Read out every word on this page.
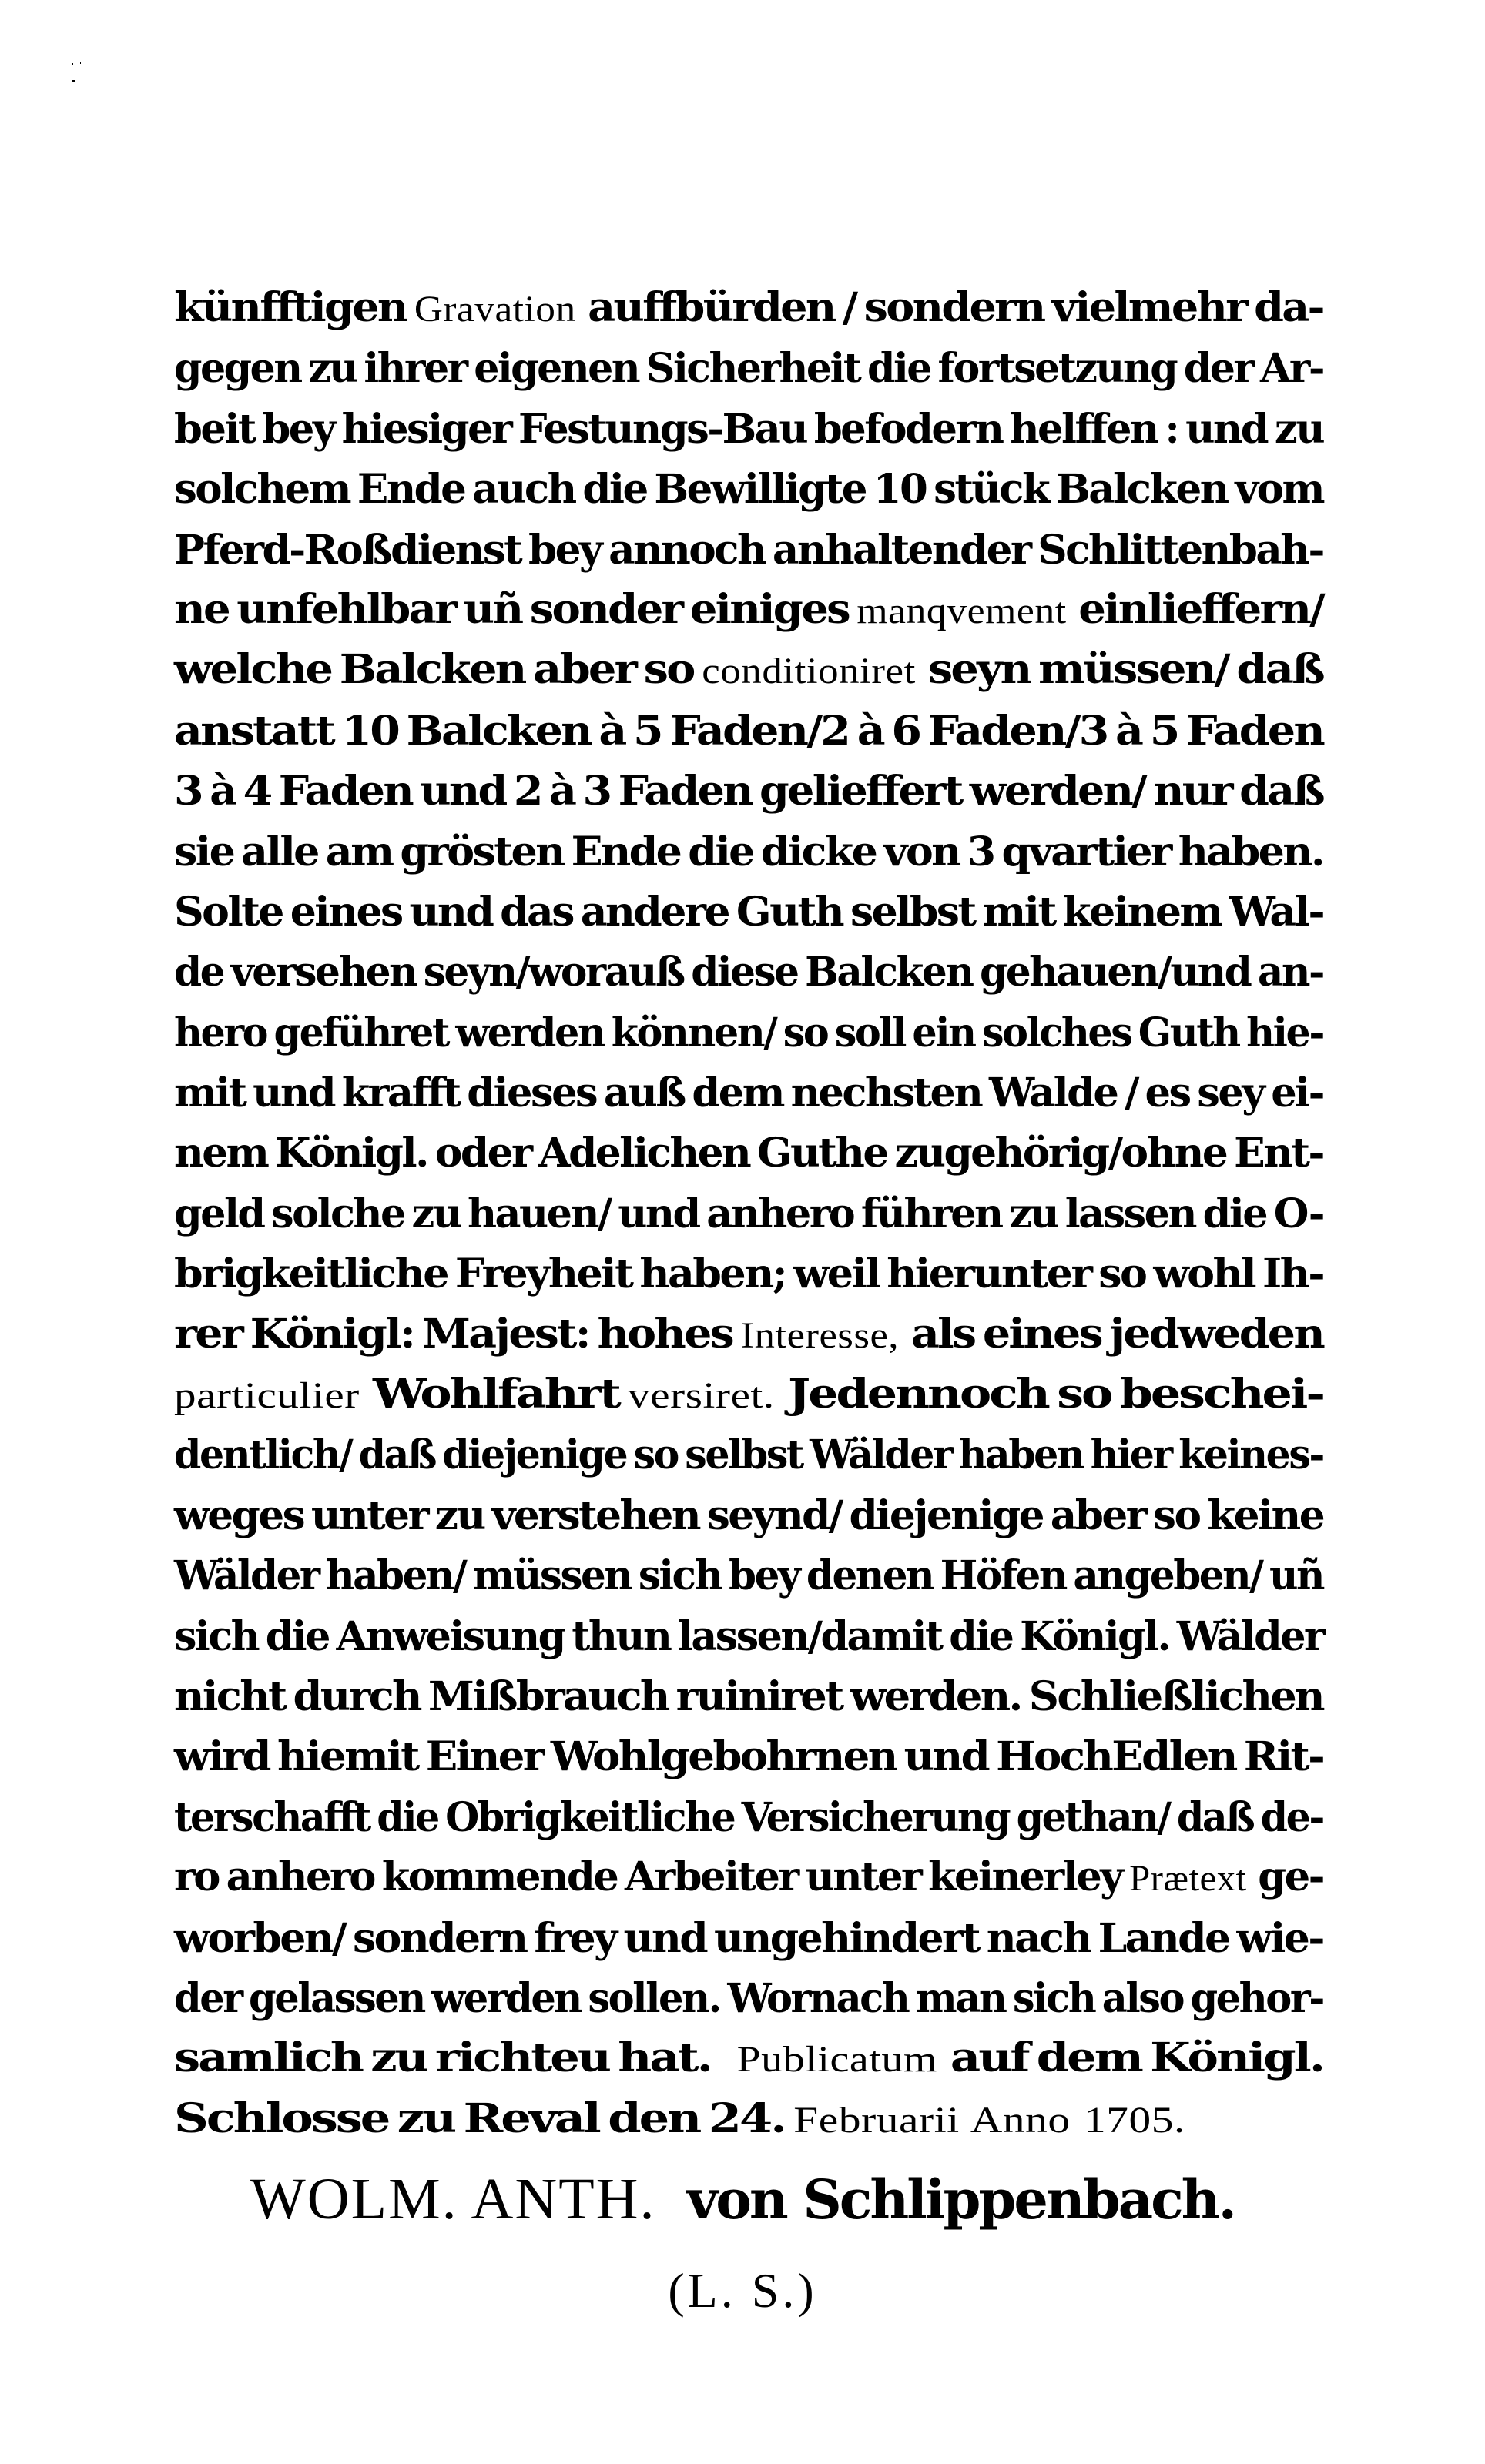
künfftigen Gravation auffbürden / sondern vielmehr da-
gegen zu ihrer eigenen Sicherheit die fortsetzung der Ar-
beit bey hiesiger Festungs-Bau befodern helffen : und zu
solchem Ende auch die Bewilligte 10 stück Balcken vom
Pferd-Roßdienst bey annoch anhaltender Schlittenbah-
ne unfehlbar uñ sonder einiges manqvement einlieffern/
welche Balcken aber so conditioniret seyn müssen/ daß
anstatt 10 Balcken à 5 Faden/2 à 6 Faden/3 à 5 Faden
3 à 4 Faden und 2 à 3 Faden gelieffert werden/ nur daß
sie alle am grösten Ende die dicke von 3 qvartier haben.
Solte eines und das andere Guth selbst mit keinem Wal-
de versehen seyn/worauß diese Balcken gehauen/und an-
hero geführet werden können/ so soll ein solches Guth hie-
mit und krafft dieses auß dem nechsten Walde / es sey ei-
nem Königl. oder Adelichen Guthe zugehörig/ohne Ent-
geld solche zu hauen/ und anhero führen zu lassen die O-
brigkeitliche Freyheit haben; weil hierunter so wohl Ih-
rer Königl: Majest: hohes Interesse, als eines jedweden
particulier Wohlfahrt versiret. Jedennoch so beschei-
dentlich/ daß diejenige so selbst Wälder haben hier keines-
weges unter zu verstehen seynd/ diejenige aber so keine
Wälder haben/ müssen sich bey denen Höfen angeben/ uñ
sich die Anweisung thun lassen/damit die Königl. Wälder
nicht durch Mißbrauch ruiniret werden. Schließlichen
wird hiemit Einer Wohlgebohrnen und HochEdlen Rit-
terschafft die Obrigkeitliche Versicherung gethan/ daß de-
ro anhero kommende Arbeiter unter keinerley Prætext ge-
worben/ sondern frey und ungehindert nach Lande wie-
der gelassen werden sollen. Wornach man sich also gehor-
samlich zu richteu hat.   Publicatum auf dem Königl.
Schlosse zu Reval den 24. Februarii Anno 1705.
WOLM. ANTH. von Schlippenbach.
(L. S.)
